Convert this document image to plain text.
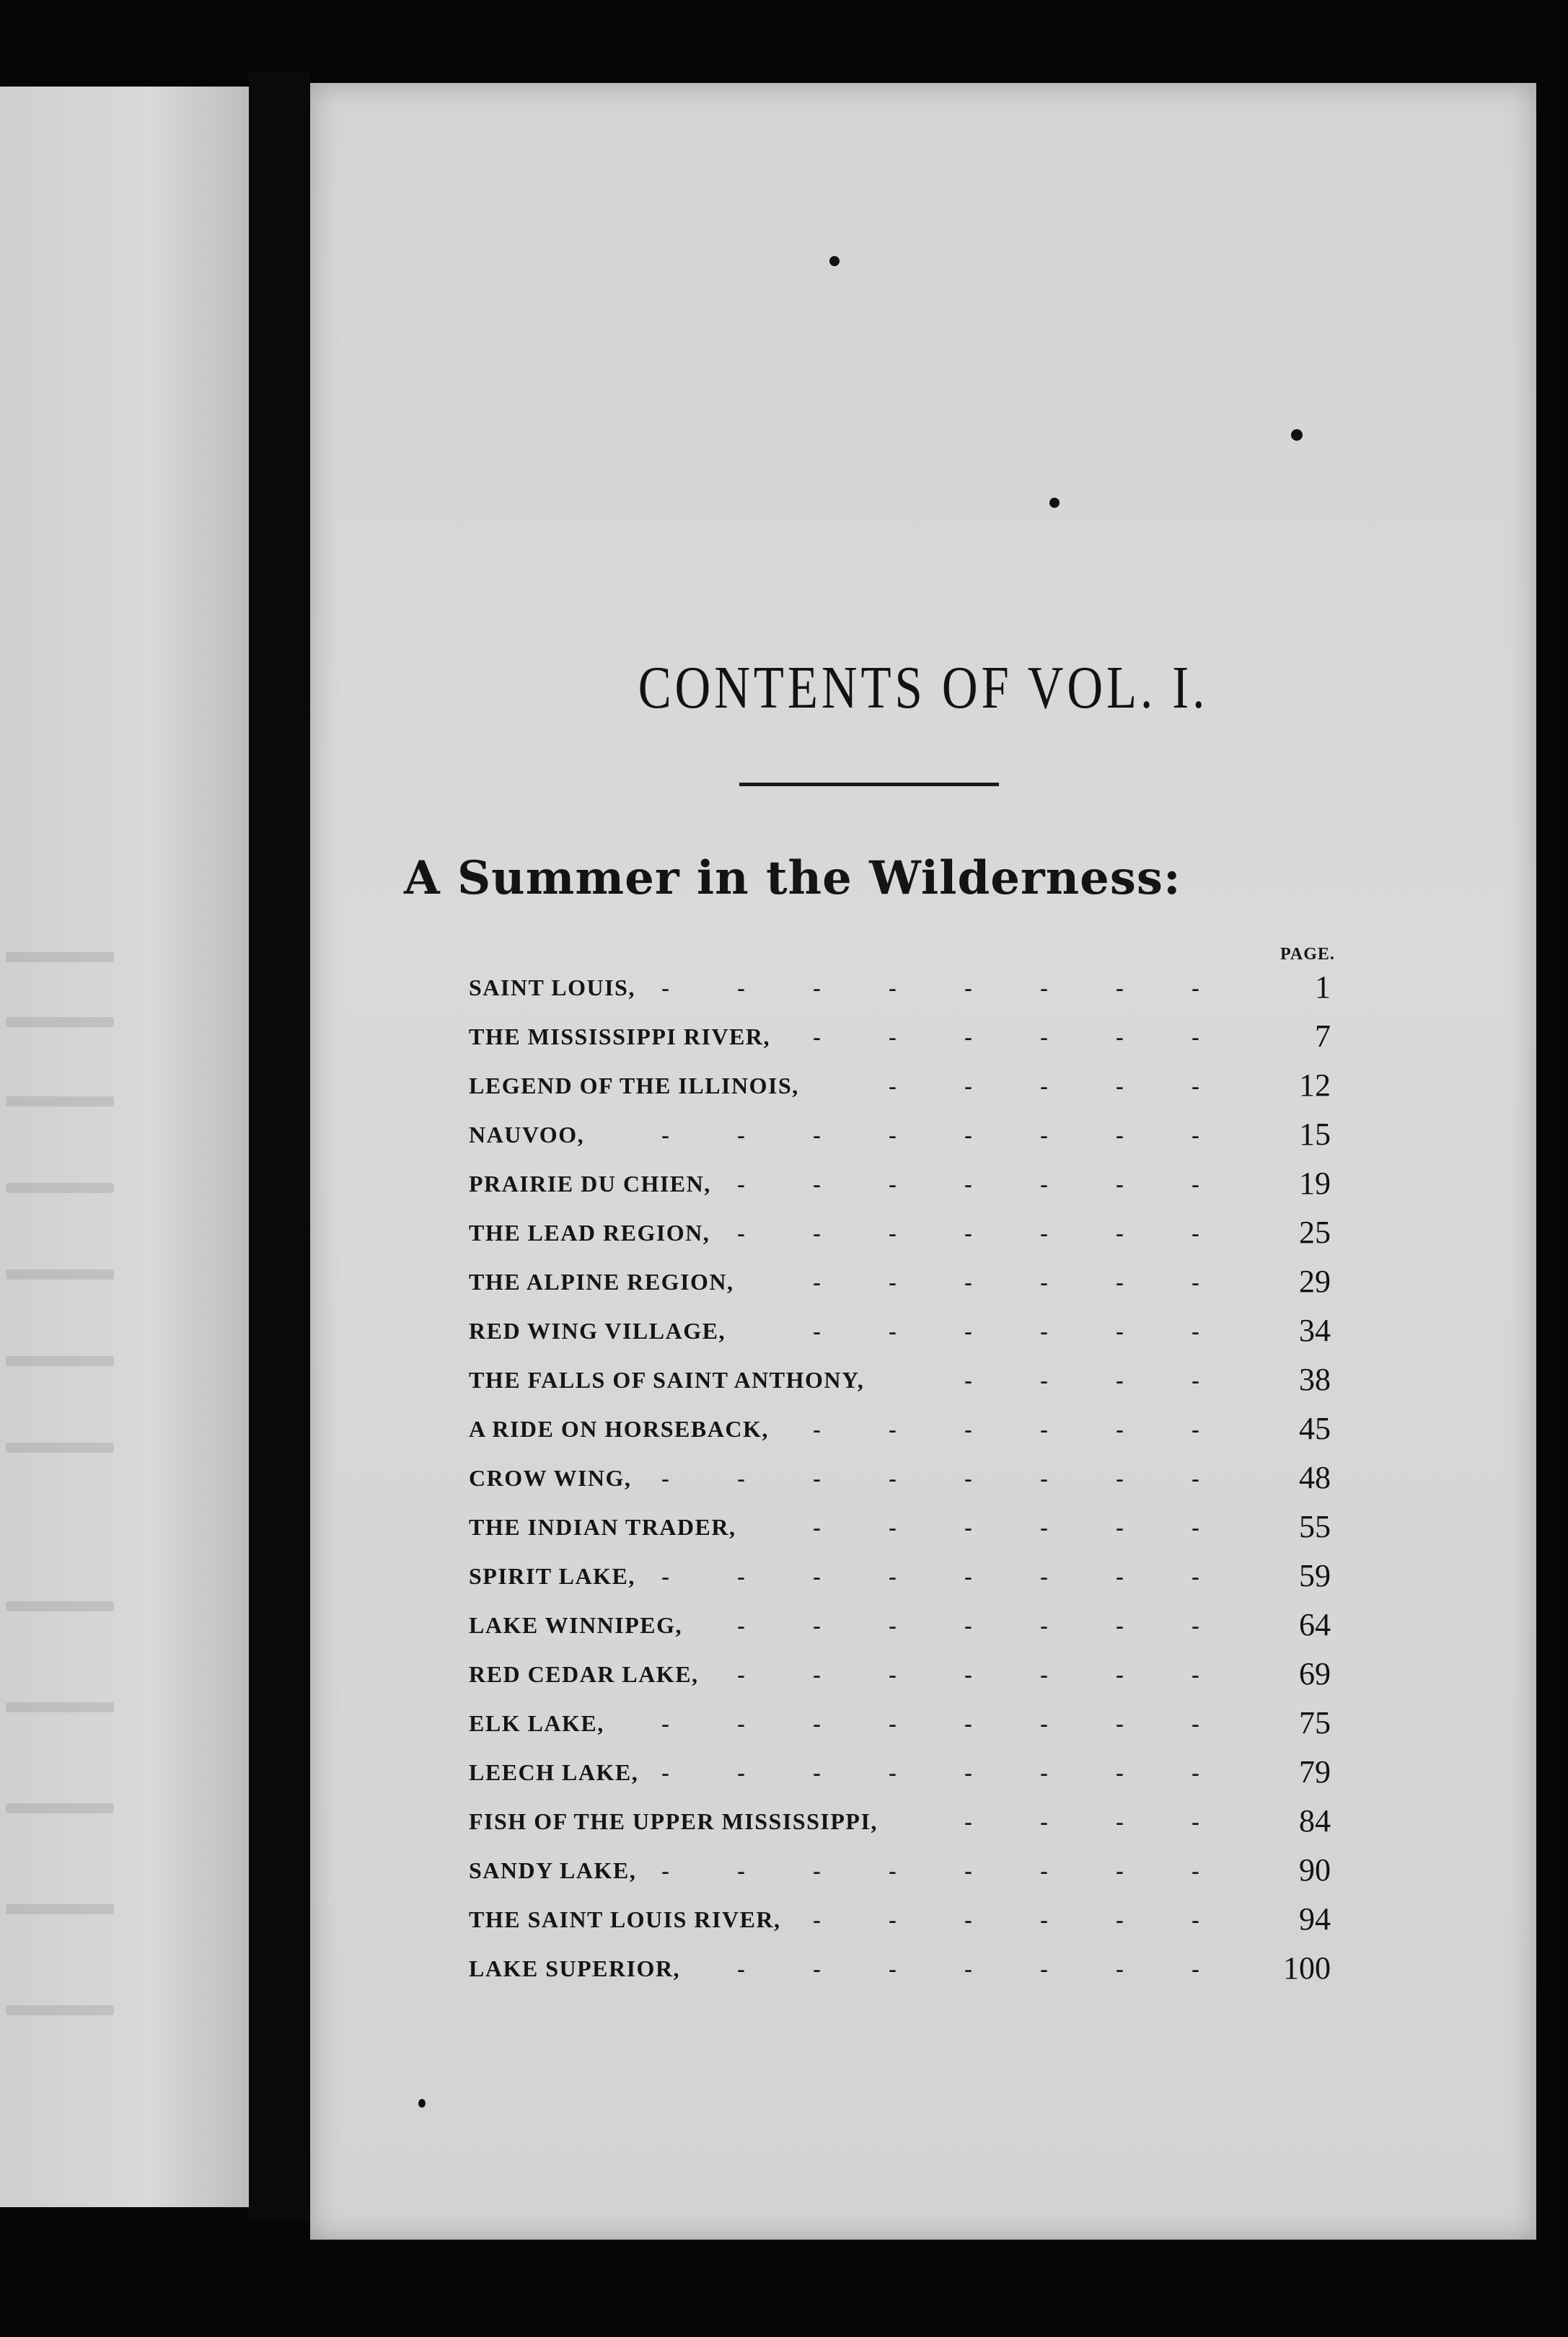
CONTENTS OF VOL. I.
A Summer in the Wilderness:
PAGE.
SAINT LOUIS,	-	-	-	-	-	-	-	-	1
THE MISSISSIPPI RIVER,	-	-	-	-	-	-	7
LEGEND OF THE ILLINOIS,	-	-	-	-	-	12
NAUVOO,	-	-	-	-	-	-	-	-	15
PRAIRIE DU CHIEN,	-	-	-	-	-	-	-	19
THE LEAD REGION,	-	-	-	-	-	-	-	25
THE ALPINE REGION,	-	-	-	-	-	-	29
RED WING VILLAGE,	-	-	-	-	-	-	34
THE FALLS OF SAINT ANTHONY,	-	-	-	-	38
A RIDE ON HORSEBACK,	-	-	-	-	-	-	45
CROW WING,	-	-	-	-	-	-	-	-	48
THE INDIAN TRADER,	-	-	-	-	-	-	55
SPIRIT LAKE,	-	-	-	-	-	-	-	-	59
LAKE WINNIPEG,	-	-	-	-	-	-	-	64
RED CEDAR LAKE,	-	-	-	-	-	-	-	69
ELK LAKE,	-	-	-	-	-	-	-	-	75
LEECH LAKE, -	-	-	-	-	-	-	-	79
FISH OF THE UPPER MISSISSIPPI,	-	-	-	-	84
SANDY LAKE,	-	-	-	-	-	-	-	-	90
THE SAINT LOUIS RIVER,	-	-	-	-	-	-	94
LAKE SUPERIOR,	-	-	-	-	-	-	-	100
